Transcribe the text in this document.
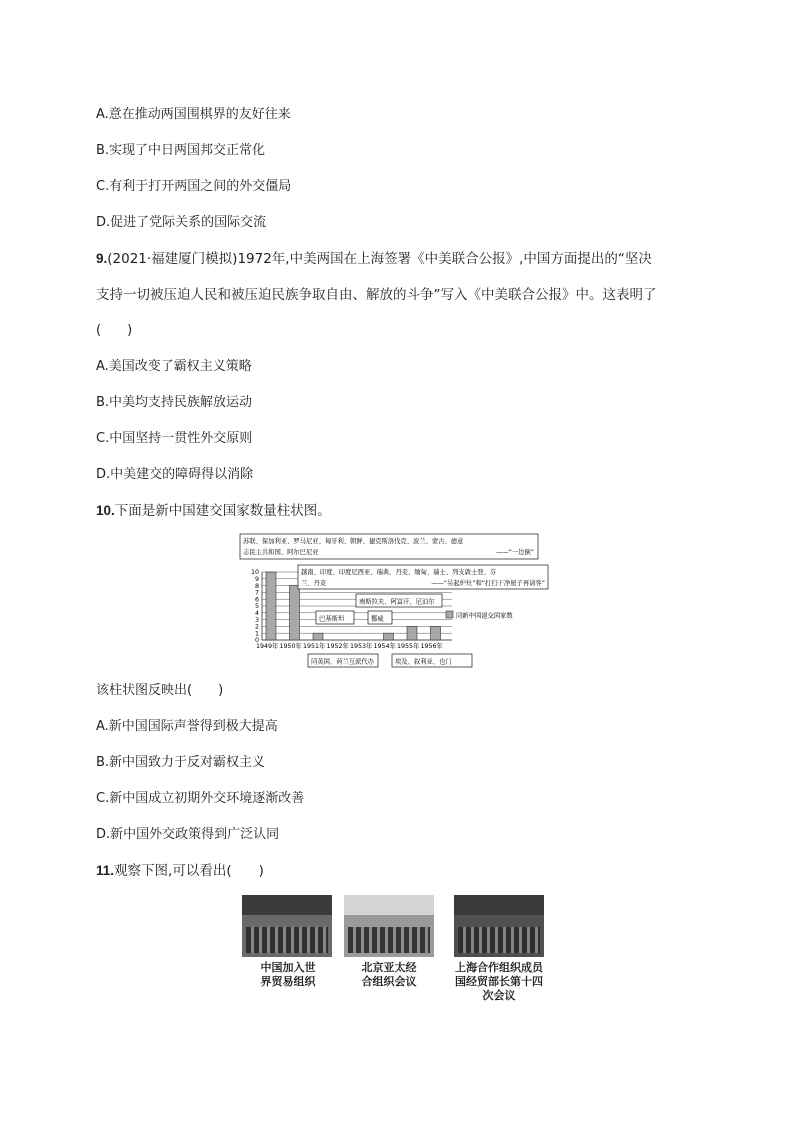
A.意在推动两国围棋界的友好往来
B.实现了中日两国邦交正常化
C.有利于打开两国之间的外交僵局
D.促进了党际关系的国际交流
9.(2021·福建厦门模拟)1972年,中美两国在上海签署《中美联合公报》,中国方面提出的“坚决
支持一切被压迫人民和被压迫民族争取自由、解放的斗争”写入《中美联合公报》中。这表明了
(　　)
A.美国改变了霸权主义策略
B.中美均支持民族解放运动
C.中国坚持一贯性外交原则
D.中美建交的障碍得以消除
10.下面是新中国建交国家数量柱状图。
0
1
2
3
4
5
6
7
8
9
10
1949年 1950年 1951年 1952年 1953年 1954年 1955年 1956年
苏联、保加利亚、罗马尼亚、匈牙利、朝鲜、捷克斯洛伐克、波兰、蒙古、德意
志民主共和国、阿尔巴尼亚	——“一边倒”
越南、印度、印度尼西亚、瑞典、丹麦、缅甸、瑞士、列支敦士登、芬
兰、丹麦	——“另起炉灶”和“打扫干净屋子再请客”
南斯拉夫、阿富汗、尼泊尔
巴基斯坦	挪威
同英国、荷兰互派代办	埃及、叙利亚、也门
同新中国建交国家数
该柱状图反映出(　　)
A.新中国国际声誉得到极大提高
B.新中国致力于反对霸权主义
C.新中国成立初期外交环境逐渐改善
D.新中国外交政策得到广泛认同
11.观察下图,可以看出(　　)
中国加入世
界贸易组织
北京亚太经
合组织会议
上海合作组织成员
国经贸部长第十四
次会议
